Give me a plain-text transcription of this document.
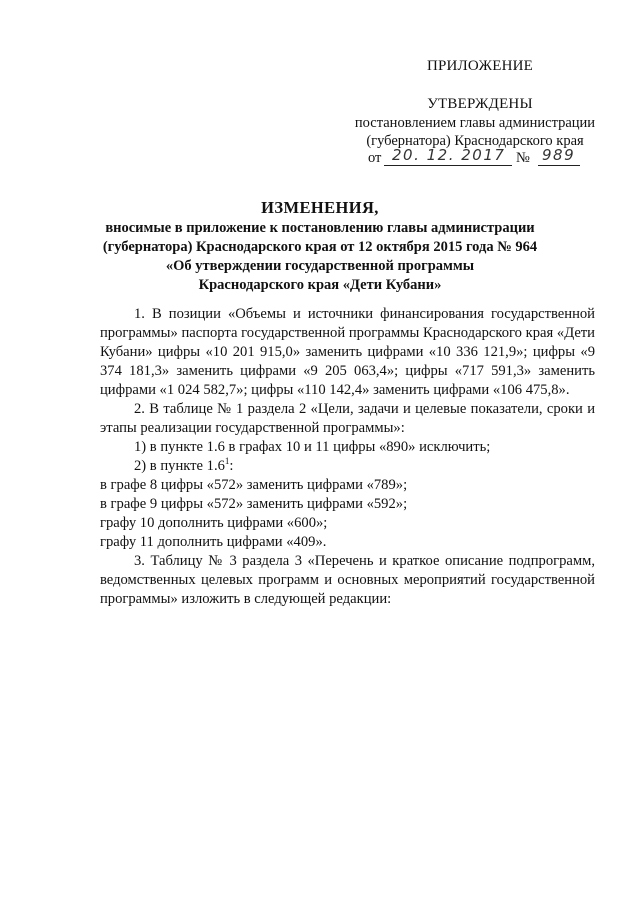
ПРИЛОЖЕНИЕ
УТВЕРЖДЕНЫ
постановлением главы администрации
(губернатора) Краснодарского края
от 20. 12. 2017 № 989
ИЗМЕНЕНИЯ,
вносимые в приложение к постановлению главы администрации
(губернатора) Краснодарского края от 12 октября 2015 года № 964
«Об утверждении государственной программы
Краснодарского края «Дети Кубани»

1. В позиции «Объемы и источники финансирования государственной программы» паспорта государственной программы Краснодарского края «Дети Кубани» цифры «10 201 915,0» заменить цифрами «10 336 121,9»; цифры «9 374 181,3» заменить цифрами «9 205 063,4»; цифры «717 591,3» заменить цифрами «1 024 582,7»; цифры «110 142,4» заменить цифрами «106 475,8».

2. В таблице № 1 раздела 2 «Цели, задачи и целевые показатели, сроки и этапы реализации государственной программы»:

1) в пункте 1.6 в графах 10 и 11 цифры «890» исключить;

2) в пункте $1.6^1$:

в графе 8 цифры «572» заменить цифрами «789»;

в графе 9 цифры «572» заменить цифрами «592»;

графу 10 дополнить цифрами «600»;

графу 11 дополнить цифрами «409».

3. Таблицу № 3 раздела 3 «Перечень и краткое описание подпрограмм, ведомственных целевых программ и основных мероприятий государственной программы» изложить в следующей редакции:
